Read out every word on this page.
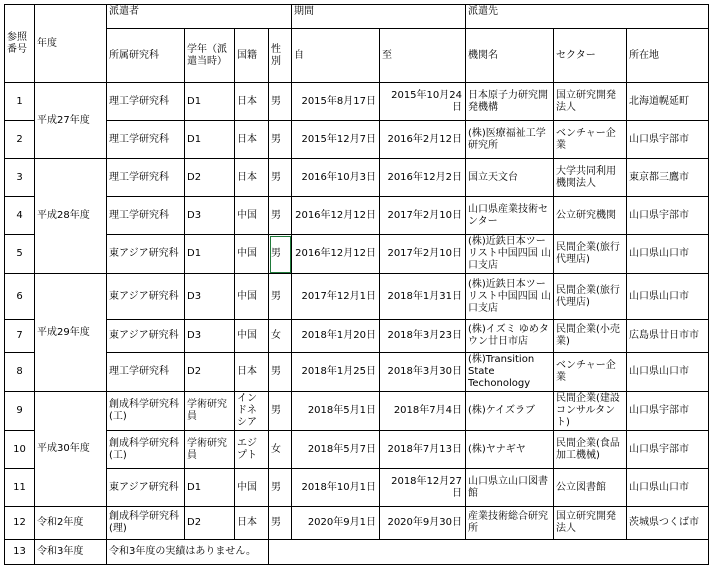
参照番号	年度	派遣者				期間		派遣先		
		所属研究科	学年（派遣当時）	国籍	性別	自	至	機関名	セクター	所在地
1	平成27年度	理工学研究科	D1	日本	男	2015年8月17日	2015年10月24日	日本原子力研究開発機構	国立研究開発法人	北海道幌延町
2		理工学研究科	D1	日本	男	2015年12月7日	2016年2月12日	(株)医療福祉工学研究所	ベンチャー企業	山口県宇部市
3	平成28年度	理工学研究科	D2	日本	男	2016年10月3日	2016年12月2日	国立天文台	大学共同利用機関法人	東京都三鷹市
4		理工学研究科	D3	中国	男	2016年12月12日	2017年2月10日	山口県産業技術センター	公立研究機関	山口県宇部市
5		東アジア研究科	D1	中国	男	2016年12月12日	2017年2月10日	(株)近鉄日本ツーリスト中国四国 山口支店	民間企業(旅行代理店)	山口県山口市
6	平成29年度	東アジア研究科	D3	中国	男	2017年12月1日	2018年1月31日	(株)近鉄日本ツーリスト中国四国 山口支店	民間企業(旅行代理店)	山口県山口市
7		東アジア研究科	D3	中国	女	2018年1月20日	2018年3月23日	(株)イズミ ゆめタウン廿日市店	民間企業(小売業)	広島県廿日市市
8		理工学研究科	D2	日本	男	2018年1月25日	2018年3月30日	(株)Transition State Techonology	ベンチャー企業	山口県山口市
9	平成30年度	創成科学研究科(工)	学術研究員	インドネシア	男	2018年5月1日	2018年7月4日	(株)ケイズラブ	民間企業(建設コンサルタント)	山口県宇部市
10		創成科学研究科(工)	学術研究員	エジプト	女	2018年5月7日	2018年7月13日	(株)ヤナギヤ	民間企業(食品加工機械)	山口県宇部市
11		東アジア研究科	D1	中国	男	2018年10月1日	2018年12月27日	山口県立山口図書館	公立図書館	山口県山口市
12	令和2年度	創成科学研究科(理)	D2	日本	男	2020年9月1日	2020年9月30日	産業技術総合研究所	国立研究開発法人	茨城県つくば市
13	令和3年度	令和3年度の実績はありません。								
